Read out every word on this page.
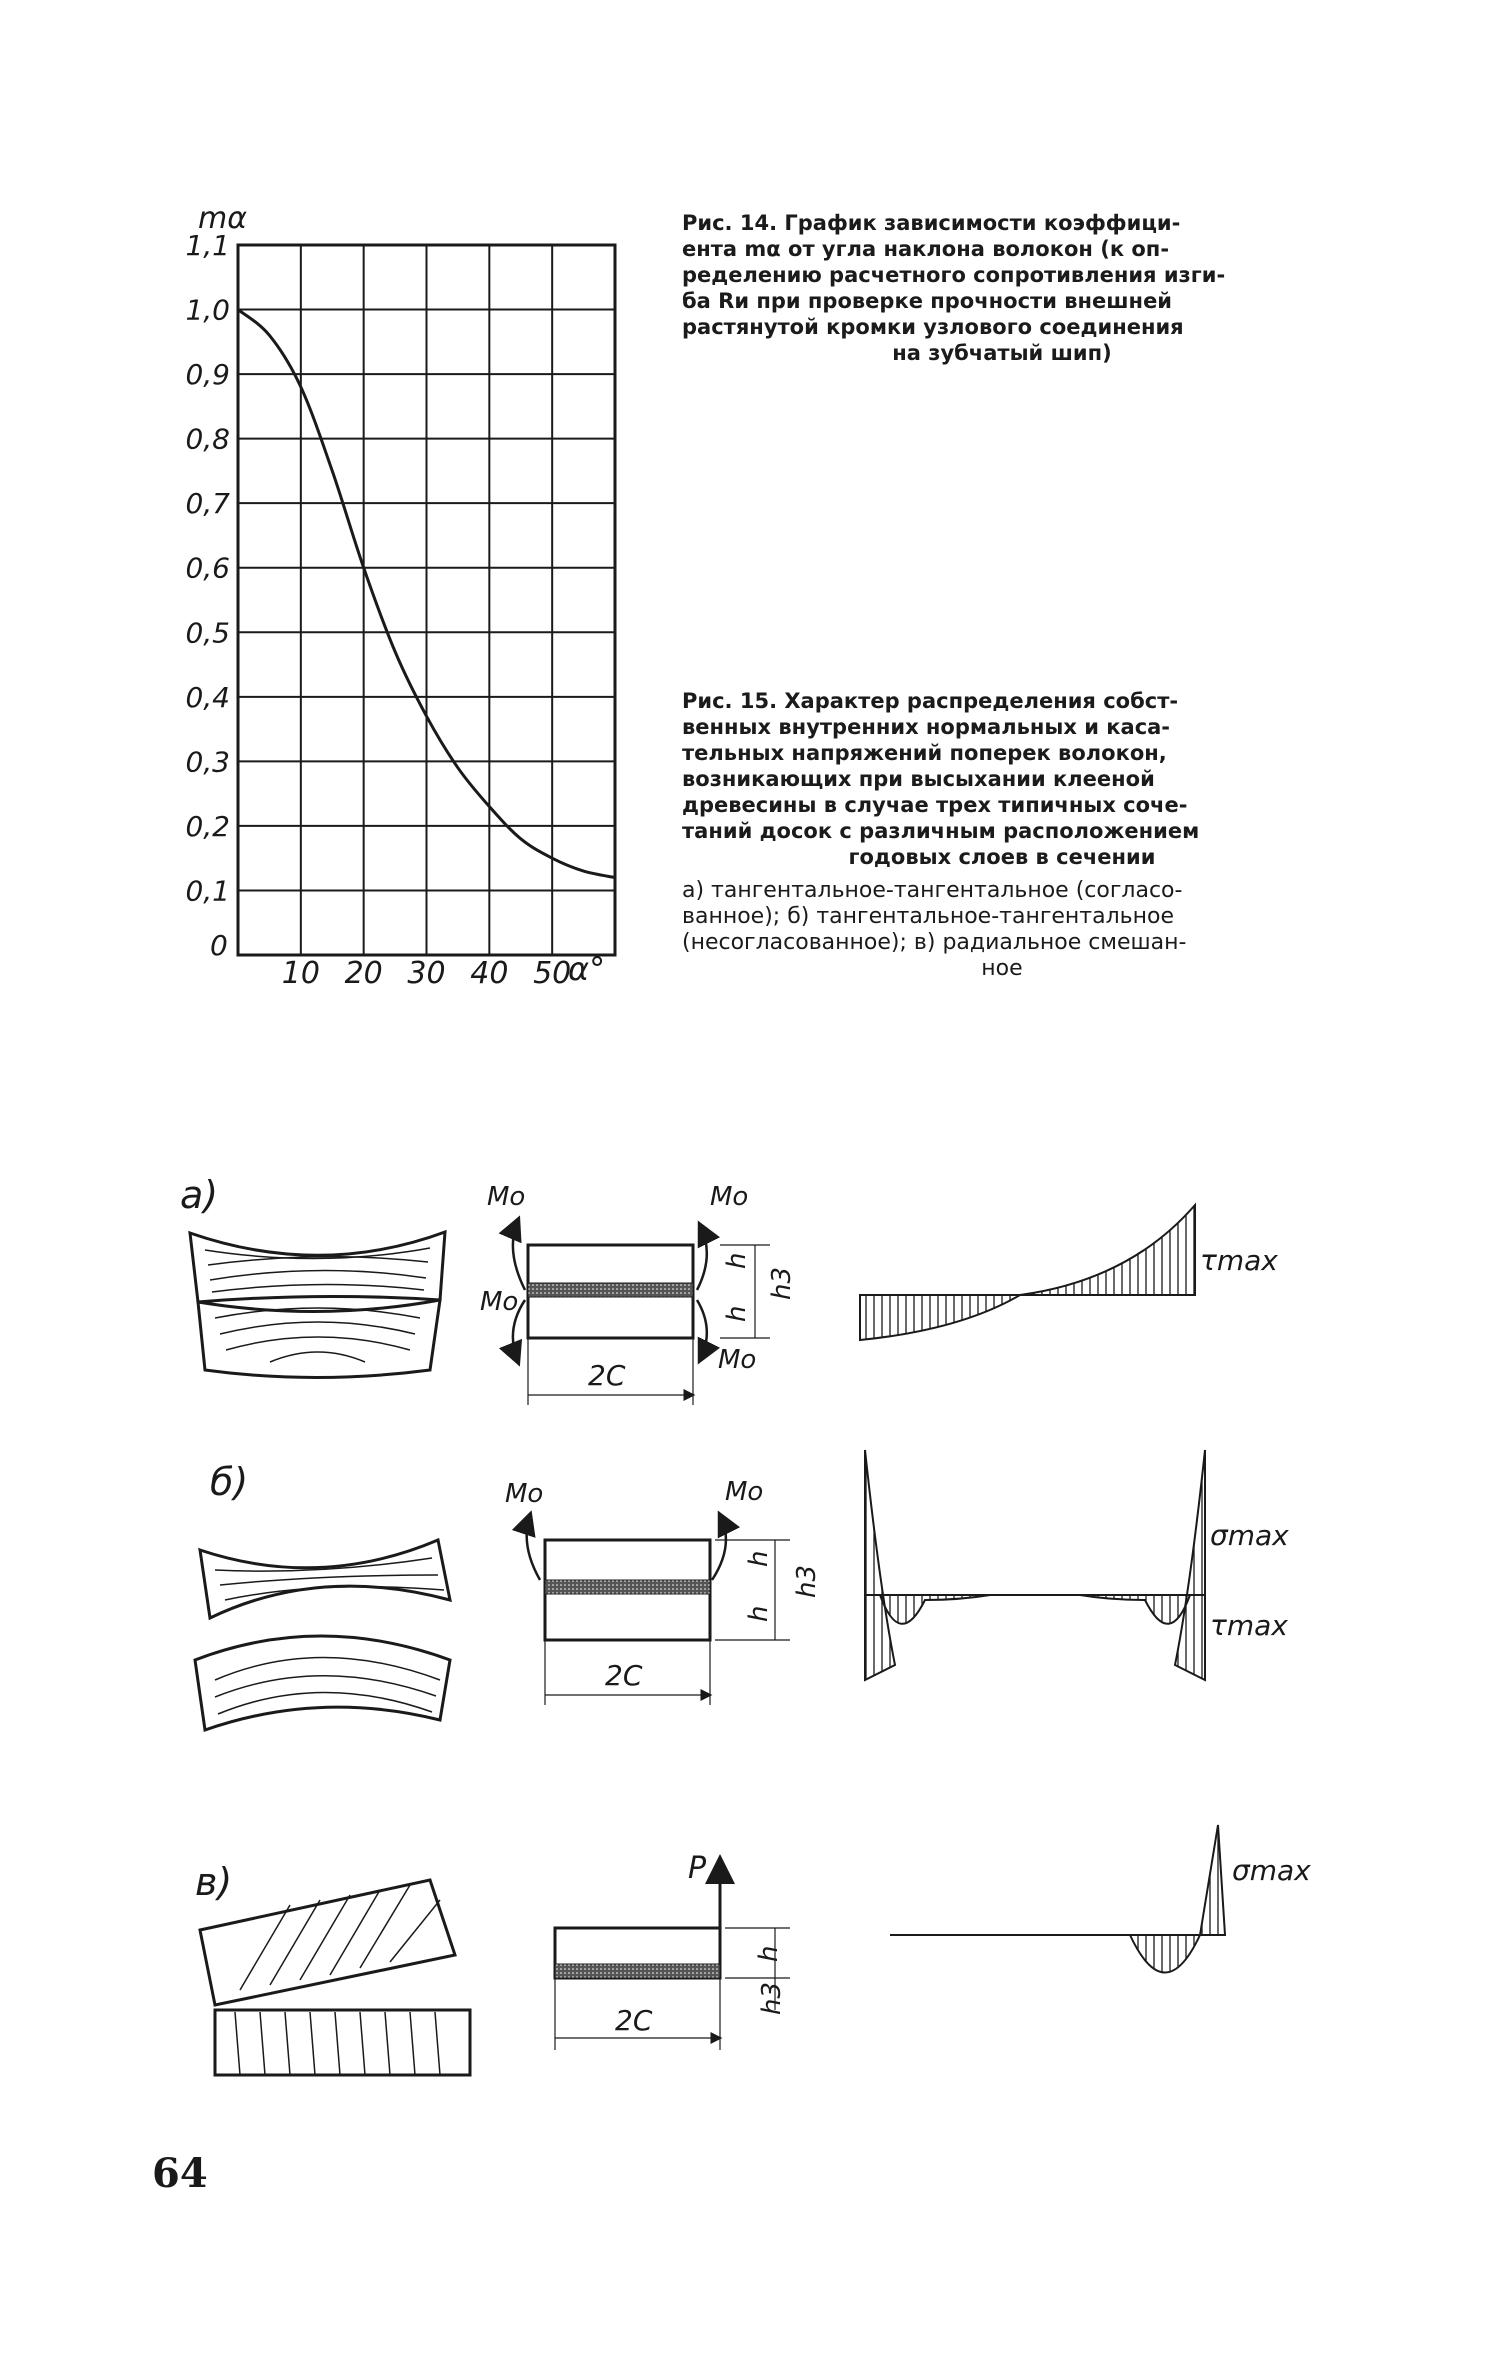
0,1
0,2
0,3
0,4
0,5
0,6
0,7
0,8
0,9
1,0
1,1
10 20 30 40 50
mα
α°
0

Рис. 14. График зависимости коэффици-

ента mα от угла наклона волокон (к оп-

ределению расчетного сопротивления изги-

ба Rи при проверке прочности внешней

растянутой кромки узлового соединения

на зубчатый шип)

Рис. 15. Характер распределения собст-

венных внутренних нормальных и каса-

тельных напряжений поперек волокон,

возникающих при высыхании клееной

древесины в случае трех типичных соче-

таний досок с различным расположением

годовых слоев в сечении

а) тангентальное-тангентальное (согласо-

ванное); б) тангентальное-тангентальное

(несогласованное); в) радиальное смешан-

ное

а)	Mo	Mo
Mo
Mo
h
h
h3
2C
τmax
б)	Mo	Mo
h
h
h3
2C
σmax
τmax
в)	P
h
h3
2C
σmax
64
